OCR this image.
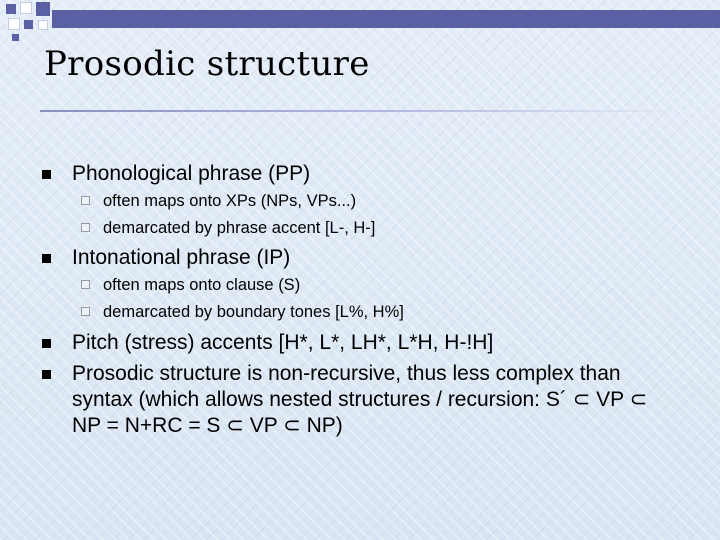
Prosodic structure
Phonological phrase (PP)
often maps onto XPs (NPs, VPs...)
demarcated by phrase accent [L-, H-]
Intonational phrase (IP)
often maps onto clause (S)
demarcated by boundary tones [L%, H%]
Pitch (stress) accents [H*, L*, LH*, L*H, H-!H]
Prosodic structure is non-recursive, thus less complex than syntax (which allows nested structures / recursion: S´ ⊂ VP ⊂ NP = N+RC = S ⊂ VP ⊂ NP)
